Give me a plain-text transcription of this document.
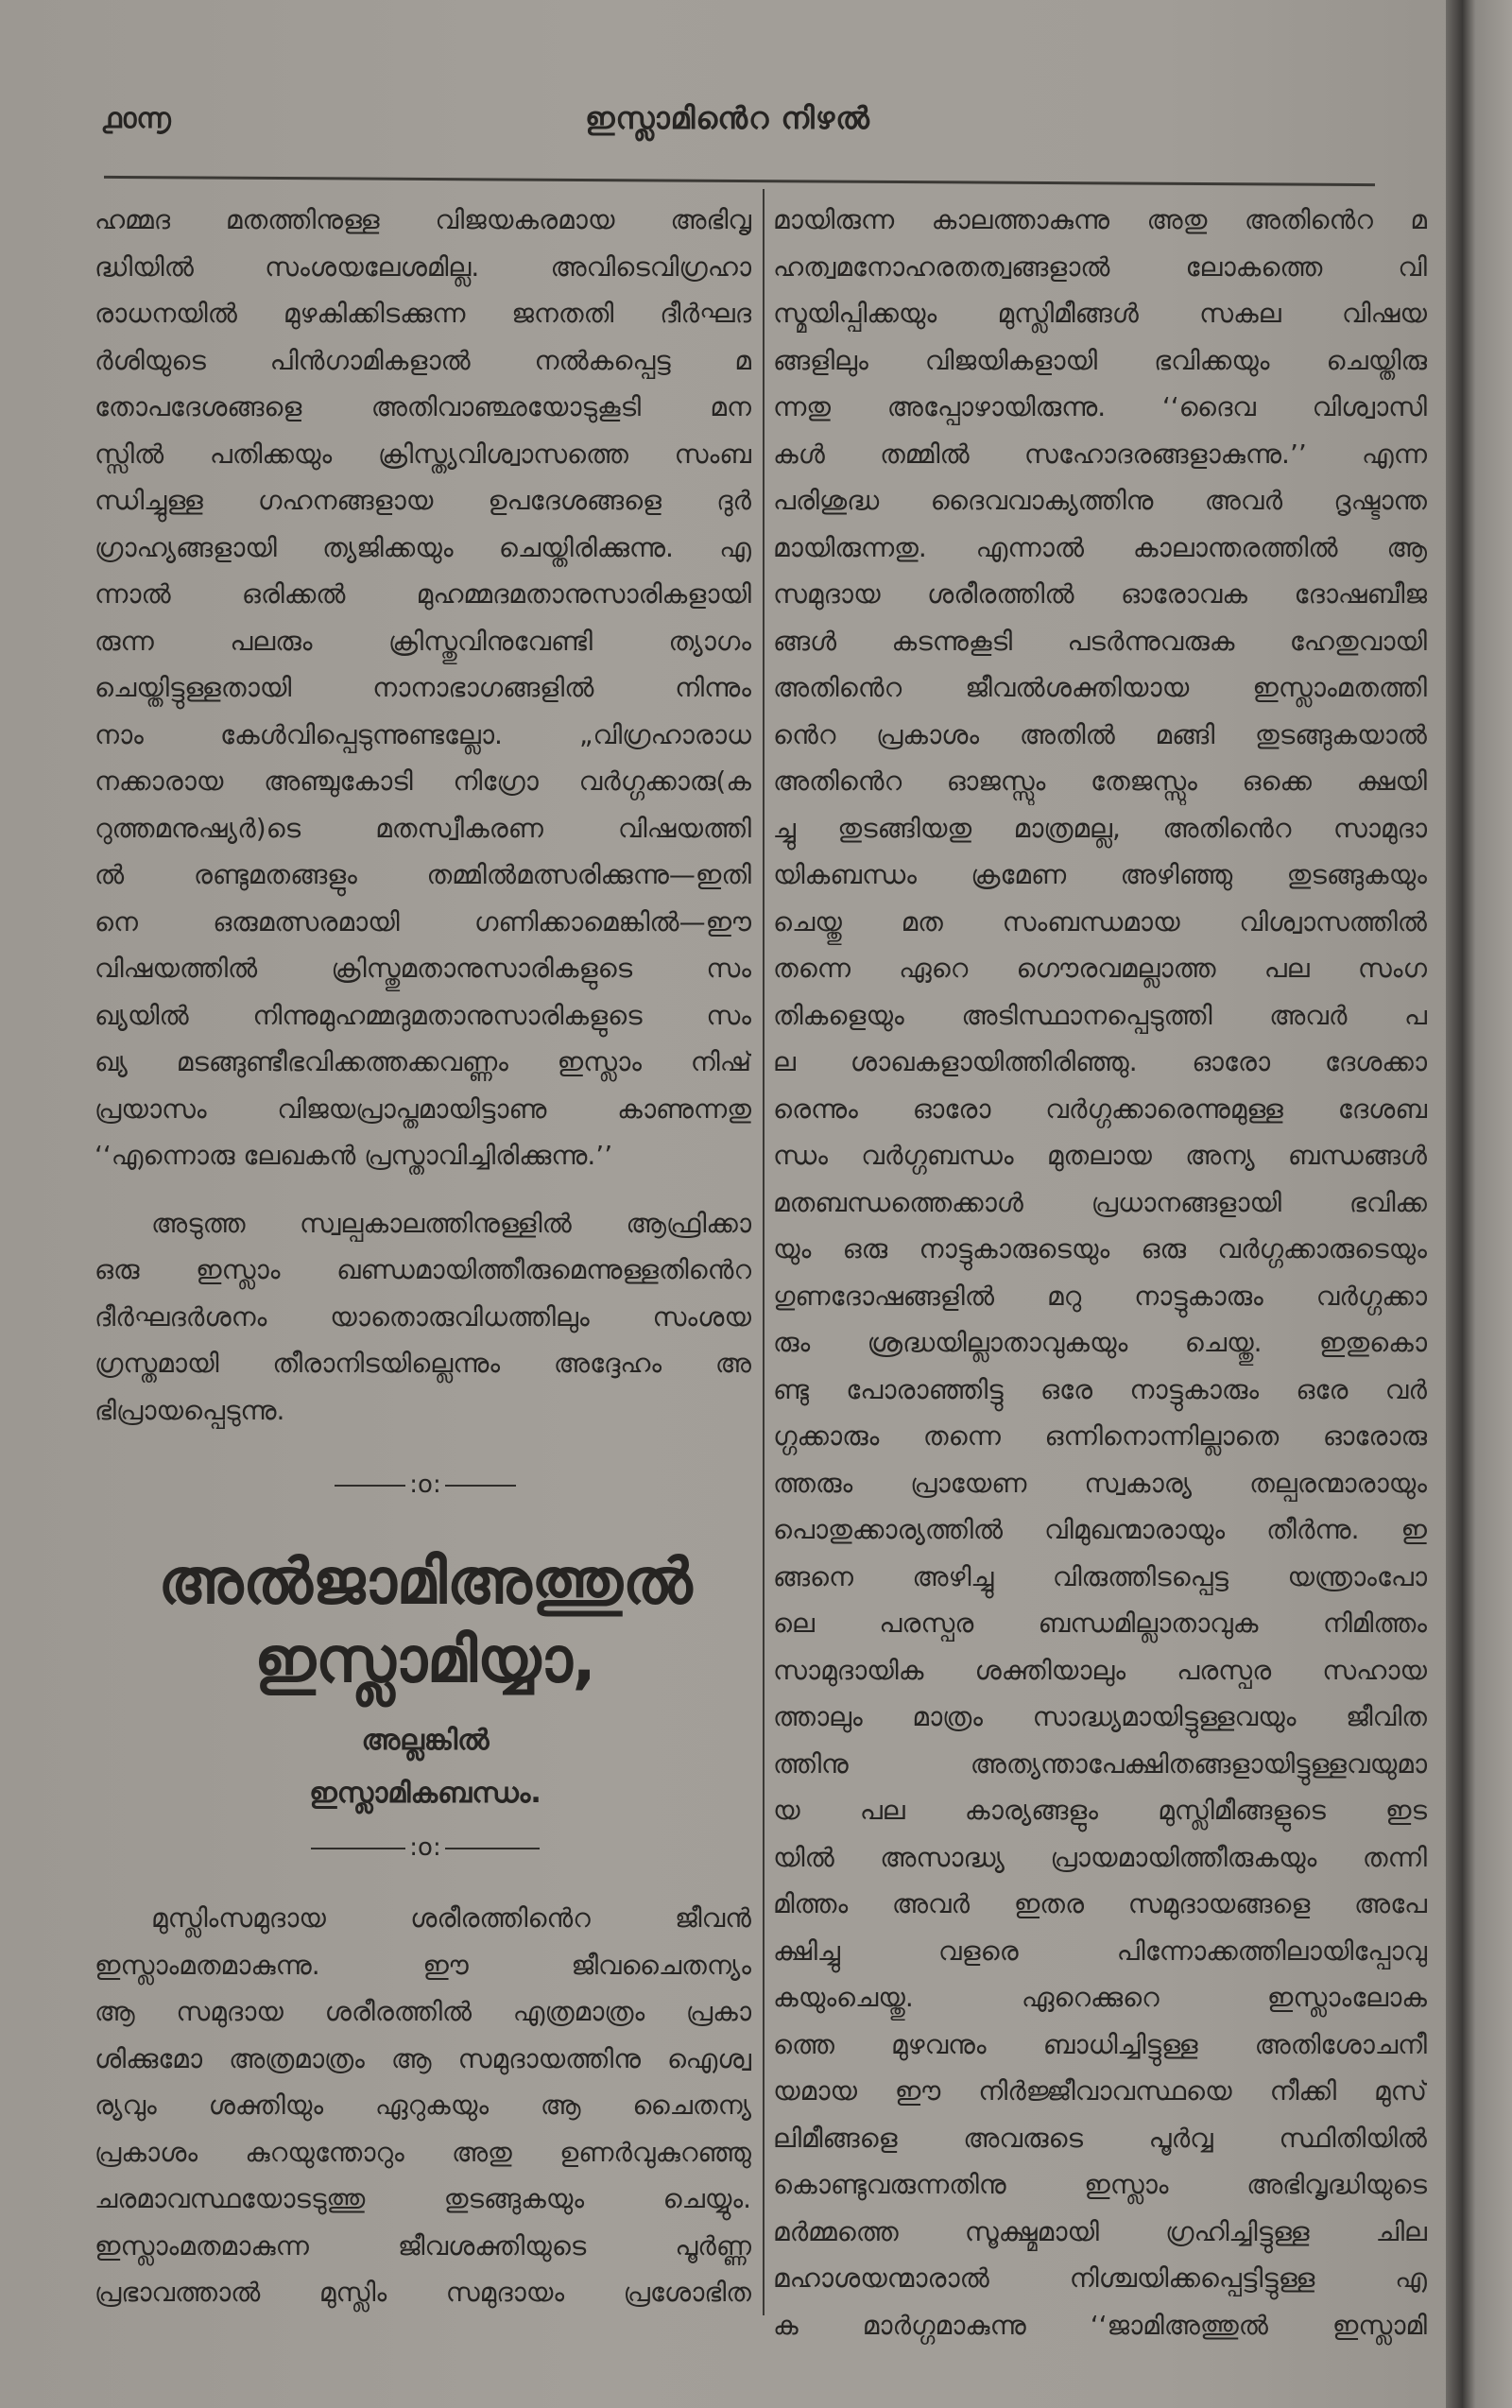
൧൦൬	ഇസ്ലാമിൻെറ നിഴൽ
ഹമ്മദ മതത്തിനുള്ള വിജയകരമായ അഭിവൃ
ദ്ധിയിൽ സംശയലേശമില്ല. അവിടെവിഗ്രഹാ
രാധനയിൽ മുഴകിക്കിടക്കുന്ന ജനതതി ദീർഘദ
ർശിയുടെ പിൻഗാമികളാൽ നൽകപ്പെട്ട മ
തോപദേശങ്ങളെ അതിവാഞ്ഛയോടുകൂടി മന
സ്സിൽ പതിക്കയും ക്രിസ്ത്യവിശ്വാസത്തെ സംബ
ന്ധിച്ചുള്ള ഗഹനങ്ങളായ ഉപദേശങ്ങളെ ദുർ
ഗ്രാഹ്യങ്ങളായി ത്യജിക്കയും ചെയ്തിരിക്കുന്നു. എ
ന്നാൽ ഒരിക്കൽ മുഹമ്മദമതാനുസാരികളായി
രുന്ന പലരും ക്രിസ്തുവിനുവേണ്ടി ത്യാഗം
ചെയ്തിട്ടുള്ളതായി നാനാഭാഗങ്ങളിൽ നിന്നും
നാം കേൾവിപ്പെടുന്നുണ്ടല്ലോ. „വിഗ്രഹാരാധ
നക്കാരായ അഞ്ചുകോടി നിഗ്രോ വർഗ്ഗക്കാരു(ക
റുത്തമനുഷ്യർ)ടെ മതസ്വീകരണ വിഷയത്തി
ൽ രണ്ടുമതങ്ങളും തമ്മിൽമത്സരിക്കുന്നു—ഇതി
നെ ഒരുമത്സരമായി ഗണിക്കാമെങ്കിൽ—ഈ
വിഷയത്തിൽ ക്രിസ്തുമതാനുസാരികളുടെ സം
ഖ്യയിൽ നിന്നുമുഹമ്മദുമതാനുസാരികളുടെ സം
ഖ്യ മടങ്ങുണ്ടീഭവിക്കത്തക്കവണ്ണം ഇസ്ലാം നിഷ്
പ്രയാസം വിജയപ്രാപ്തമായിട്ടാണു കാണുന്നതു
‘‘എന്നൊരു ലേഖകൻ പ്രസ്താവിച്ചിരിക്കുന്നു.’’
അടുത്ത സ്വല്പകാലത്തിനുള്ളിൽ ആഫ്രിക്കാ
ഒരു ഇസ്ലാം ഖണ്ഡമായിത്തീരുമെന്നുള്ളതിൻെറ
ദീർഘദർശനം യാതൊരുവിധത്തിലും സംശയ
ഗ്രസ്തമായി തീരാനിടയില്ലെന്നും അദ്ദേഹം അ
ഭിപ്രായപ്പെടുന്നു.
:o:
അൽജാമിഅത്തുൽ
ഇസ്ലാമിയ്യാ,
അല്ലങ്കിൽ
ഇസ്ലാമികബന്ധം.
:o:
മുസ്ലിംസമുദായ ശരീരത്തിൻെറ ജീവൻ
ഇസ്ലാംമതമാകുന്നു. ഈ ജീവചൈതന്യം
ആ സമുദായ ശരീരത്തിൽ എത്രമാത്രം പ്രകാ
ശിക്കുമോ അത്രമാത്രം ആ സമുദായത്തിനു ഐശ്വ
ര്യവും ശക്തിയും ഏറുകയും ആ ചൈതന്യ
പ്രകാശം കുറയുന്തോറും അതു ഉണർവുകുറഞ്ഞു
ചരമാവസ്ഥയോടടുത്തു തുടങ്ങുകയും ചെയ്യും.
ഇസ്ലാംമതമാകുന്ന ജീവശക്തിയുടെ പൂർണ്ണ
പ്രഭാവത്താൽ മുസ്ലിം സമുദായം പ്രശോഭിത
മായിരുന്ന കാലത്താകുന്നു അതു അതിൻെറ മ
ഹത്വമനോഹരതത്വങ്ങളാൽ ലോകത്തെ വി
സ്മയിപ്പിക്കയും മുസ്ലിമീങ്ങൾ സകല വിഷയ
ങ്ങളിലും വിജയികളായി ഭവിക്കയും ചെയ്തിരു
ന്നതു അപ്പോഴായിരുന്നു. ‘‘ദൈവ വിശ്വാസി
കൾ തമ്മിൽ സഹോദരങ്ങളാകുന്നു.’’ എന്ന
പരിശുദ്ധ ദൈവവാക്യത്തിനു അവർ ദൃഷ്ടാന്ത
മായിരുന്നതു. എന്നാൽ കാലാന്തരത്തിൽ ആ
സമുദായ ശരീരത്തിൽ ഓരോവക ദോഷബീജ
ങ്ങൾ കടന്നുകൂടി പടർന്നുവരുക ഹേതുവായി
അതിൻെറ ജീവൽശക്തിയായ ഇസ്ലാംമതത്തി
ൻെറ പ്രകാശം അതിൽ മങ്ങി തുടങ്ങുകയാൽ
അതിൻെറ ഓജസ്സും തേജസ്സും ഒക്കെ ക്ഷയി
ച്ചു തുടങ്ങിയതു മാത്രമല്ല, അതിൻെറ സാമുദാ
യികബന്ധം ക്രമേണ അഴിഞ്ഞു തുടങ്ങുകയും
ചെയ്തു മത സംബന്ധമായ വിശ്വാസത്തിൽ
തന്നെ ഏറെ ഗൌരവമല്ലാത്ത പല സംഗ
തികളെയും അടിസ്ഥാനപ്പെടുത്തി അവർ പ
ല ശാഖകളായിത്തിരിഞ്ഞു. ഓരോ ദേശക്കാ
രെന്നും ഓരോ വർഗ്ഗക്കാരെന്നുമുള്ള ദേശബ
ന്ധം വർഗ്ഗബന്ധം മുതലായ അന്യ ബന്ധങ്ങൾ
മതബന്ധത്തെക്കാൾ പ്രധാനങ്ങളായി ഭവിക്ക
യും ഒരു നാട്ടുകാരുടെയും ഒരു വർഗ്ഗക്കാരുടെയും
ഗുണദോഷങ്ങളിൽ മറു നാട്ടുകാരും വർഗ്ഗക്കാ
രും ശ്രദ്ധയില്ലാതാവുകയും ചെയ്തു. ഇതുകൊ
ണ്ടു പോരാഞ്ഞിട്ടു ഒരേ നാട്ടുകാരും ഒരേ വർ
ഗ്ഗക്കാരും തന്നെ ഒന്നിനൊന്നില്ലാതെ ഓരോരു
ത്തരും പ്രായേണ സ്വകാര്യ തല്പരന്മാരായും
പൊതുക്കാര്യത്തിൽ വിമുഖന്മാരായും തീർന്നു. ഇ
ങ്ങനെ അഴിച്ചു വിരുത്തിടപ്പെട്ട യന്ത്രാംപോ
ലെ പരസ്പര ബന്ധമില്ലാതാവുക നിമിത്തം
സാമുദായിക ശക്തിയാലും പരസ്പര സഹായ
ത്താലും മാത്രം സാദ്ധ്യമായിട്ടുള്ളവയും ജീവിത
ത്തിനു അത്യന്താപേക്ഷിതങ്ങളായിട്ടുള്ളവയുമാ
യ പല കാര്യങ്ങളും മുസ്ലിമീങ്ങളുടെ ഇട
യിൽ അസാദ്ധ്യ പ്രായമായിത്തീരുകയും തന്നി
മിത്തം അവർ ഇതര സമുദായങ്ങളെ അപേ
ക്ഷിച്ചു വളരെ പിന്നോക്കത്തിലായിപ്പോവു
കയുംചെയ്തു. ഏറെക്കുറെ ഇസ്ലാംലോക
ത്തെ മുഴവനും ബാധിച്ചിട്ടുള്ള അതിശോചനീ
യമായ ഈ നിർജ്ജീവാവസ്ഥയെ നീക്കി മുസ്
ലിമീങ്ങളെ അവരുടെ പൂർവ്വ സ്ഥിതിയിൽ
കൊണ്ടുവരുന്നതിനു ഇസ്ലാം അഭിവൃദ്ധിയുടെ
മർമ്മത്തെ സൂക്ഷ്മമായി ഗ്രഹിച്ചിട്ടുള്ള ചില
മഹാശയന്മാരാൽ നിശ്ചയിക്കപ്പെട്ടിട്ടുള്ള എ
ക മാർഗ്ഗമാകുന്നു ‘‘ജാമിഅത്തുൽ ഇസ്ലാമി
